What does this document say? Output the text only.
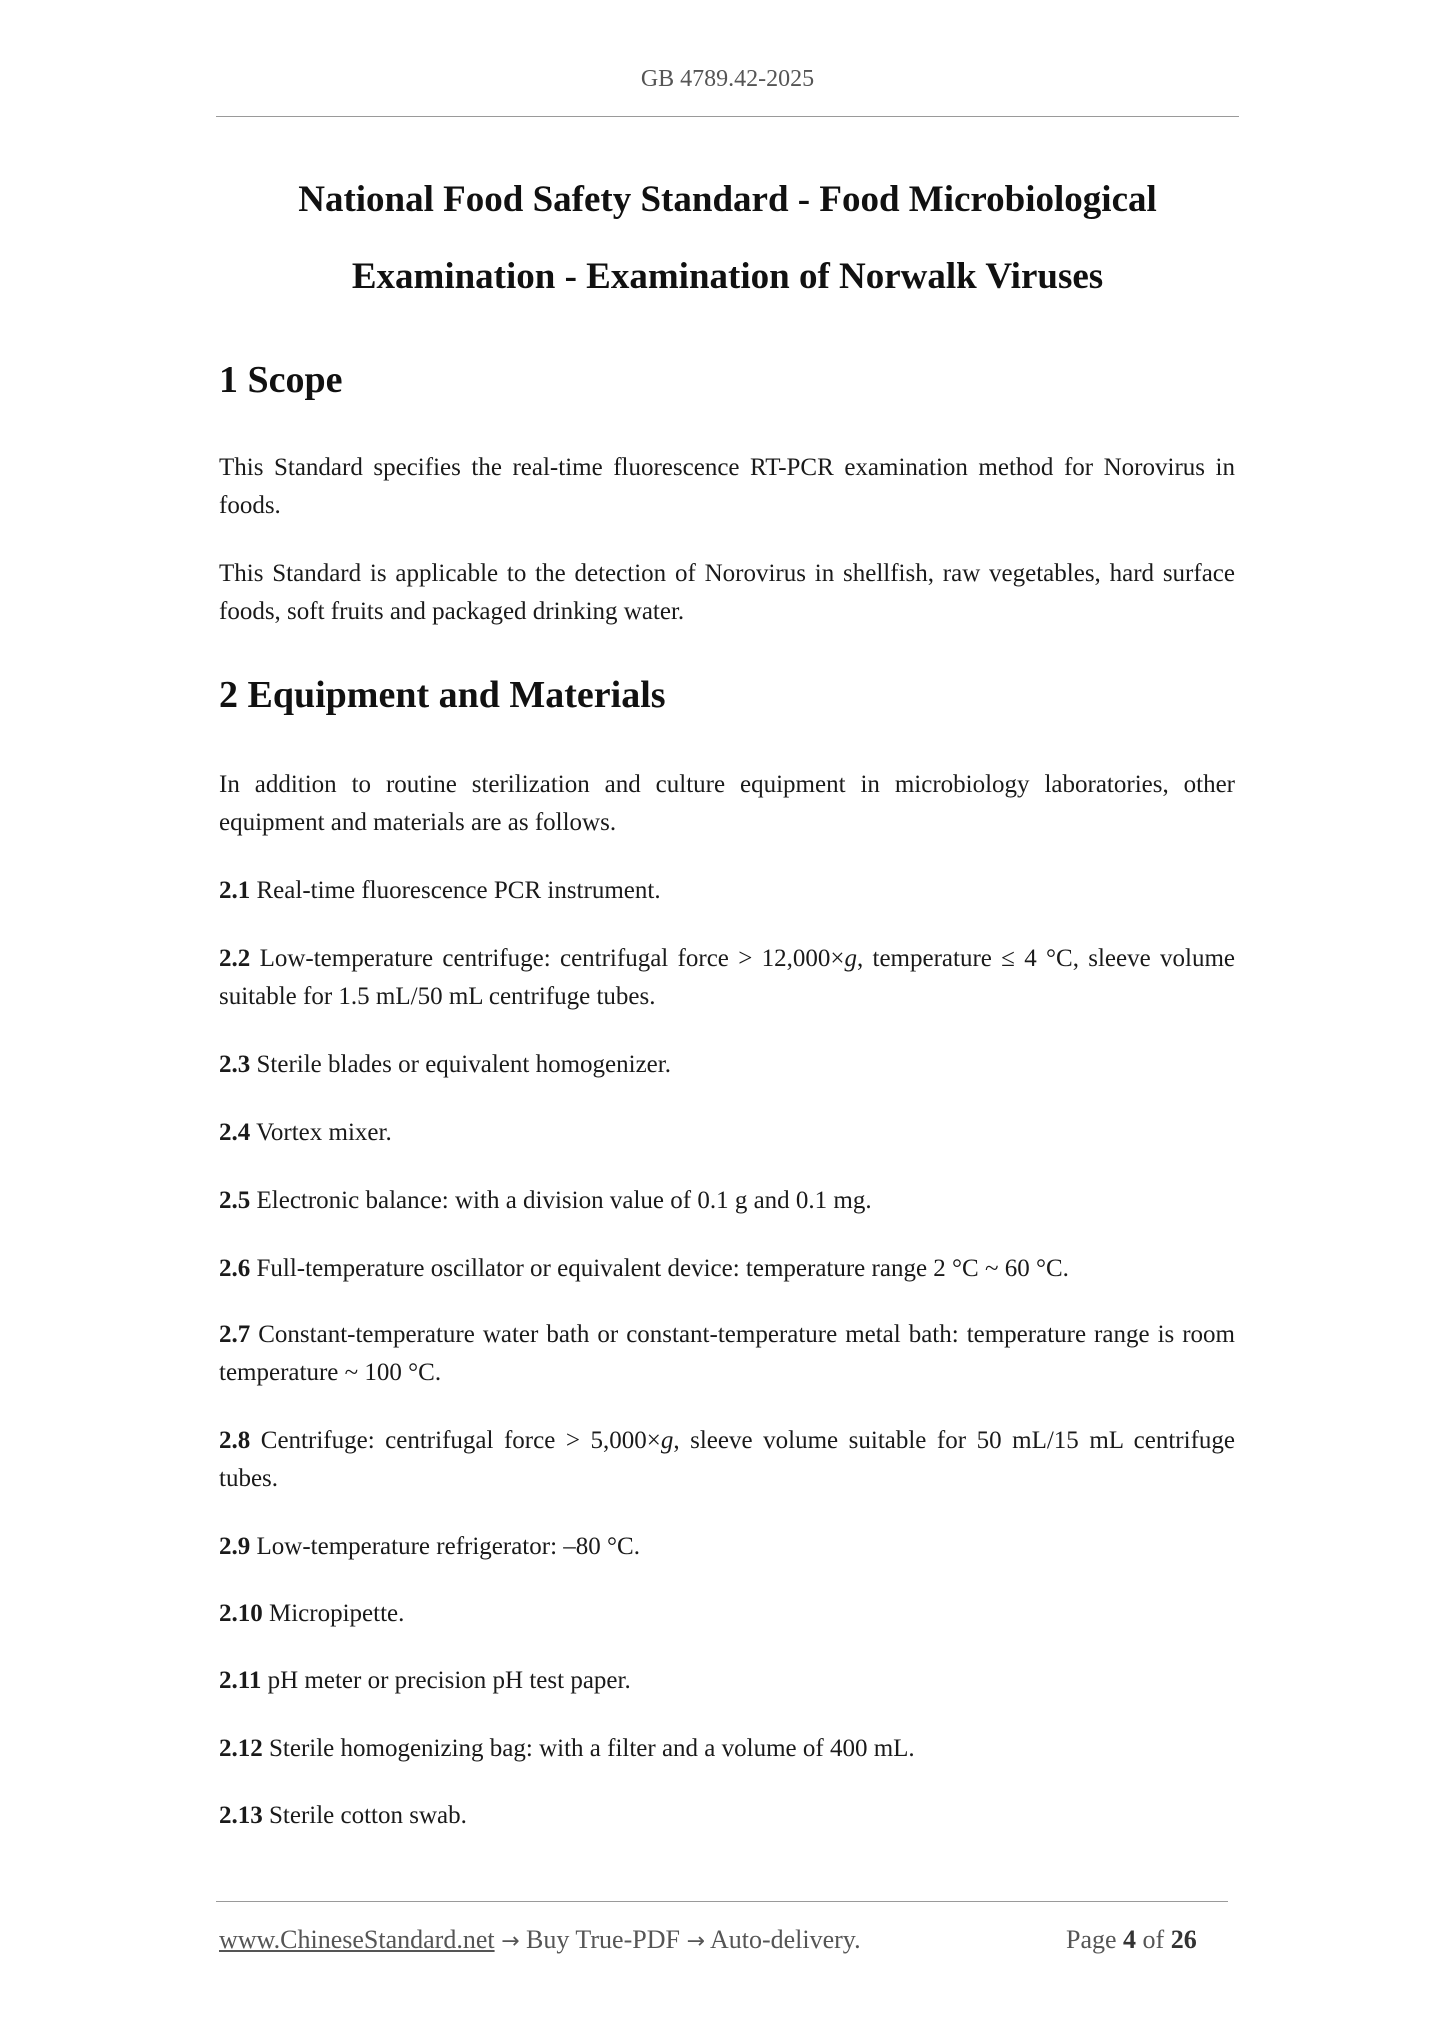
GB 4789.42-2025
National Food Safety Standard - Food Microbiological
Examination - Examination of Norwalk Viruses
1 Scope
This Standard specifies the real-time fluorescence RT-PCR examination method for Norovirus in foods.
This Standard is applicable to the detection of Norovirus in shellfish, raw vegetables, hard surface foods, soft fruits and packaged drinking water.
2 Equipment and Materials
In addition to routine sterilization and culture equipment in microbiology laboratories, other equipment and materials are as follows.
2.1 Real-time fluorescence PCR instrument.
2.2 Low-temperature centrifuge: centrifugal force > 12,000×g, temperature ≤ 4 °C, sleeve volume suitable for 1.5 mL/50 mL centrifuge tubes.
2.3 Sterile blades or equivalent homogenizer.
2.4 Vortex mixer.
2.5 Electronic balance: with a division value of 0.1 g and 0.1 mg.
2.6 Full-temperature oscillator or equivalent device: temperature range 2 °C ~ 60 °C.
2.7 Constant-temperature water bath or constant-temperature metal bath: temperature range is room temperature ~ 100 °C.
2.8 Centrifuge: centrifugal force > 5,000×g, sleeve volume suitable for 50 mL/15 mL centrifuge tubes.
2.9 Low-temperature refrigerator: –80 °C.
2.10 Micropipette.
2.11 pH meter or precision pH test paper.
2.12 Sterile homogenizing bag: with a filter and a volume of 400 mL.
2.13 Sterile cotton swab.
www.ChineseStandard.net → Buy True-PDF → Auto-delivery.	Page 4 of 26
